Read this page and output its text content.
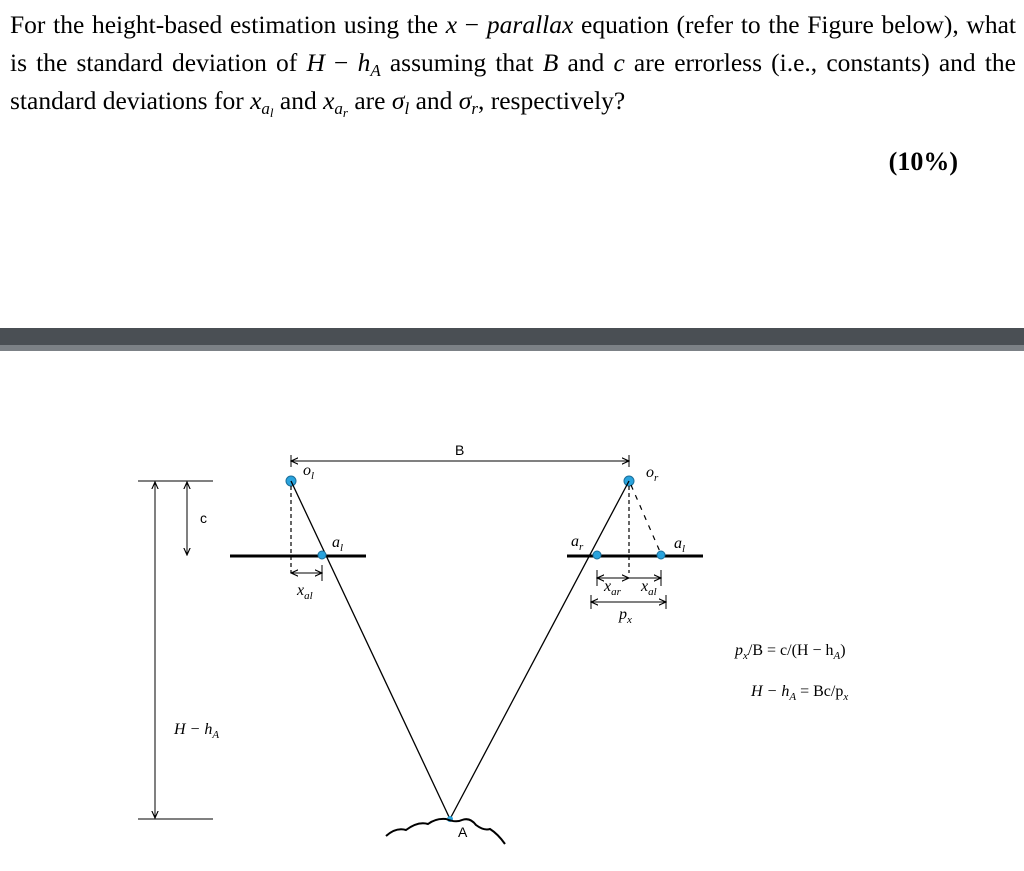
For the height-based estimation using the x − parallax equation (refer to the Figure below), what is the standard deviation of $H - h_A$ assuming that B and c are errorless (i.e., constants) and the standard deviations for $x_{a_l}$ and $x_{a_r}$ are $\sigma_l$ and $\sigma_r$, respectively?
(10%)
B
$o_l$	$o_r$
$a_l$	$a_r$	$a_l$
$x_{al}$
$x_{ar}$ $x_{al}$
$p_x$
c
$H - h_A$
A
$p_x/B = c/(H - h_A)$
$H - h_A = Bc/p_x$
